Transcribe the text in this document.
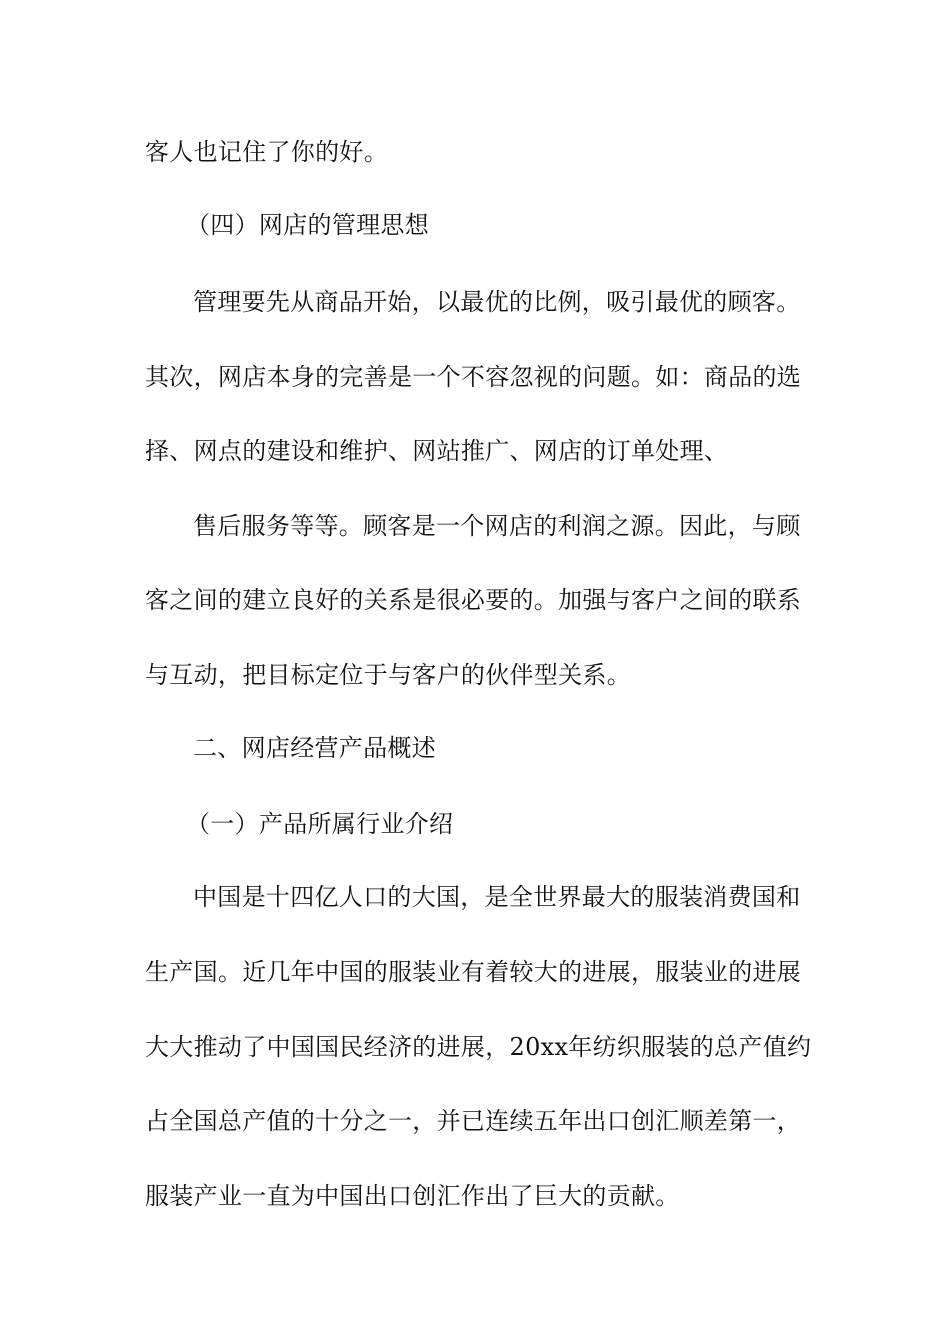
客人也记住了你的好。
（四）网店的管理思想
管理要先从商品开始，以最优的比例，吸引最优的顾客。
其次，网店本身的完善是一个不容忽视的问题。如：商品的选
择、网点的建设和维护、网站推广、网店的订单处理、
售后服务等等。顾客是一个网店的利润之源。因此，与顾
客之间的建立良好的关系是很必要的。加强与客户之间的联系
与互动，把目标定位于与客户的伙伴型关系。
二、网店经营产品概述
（一）产品所属行业介绍
中国是十四亿人口的大国，是全世界最大的服装消费国和
生产国。近几年中国的服装业有着较大的进展，服装业的进展
大大推动了中国国民经济的进展，20xx年纺织服装的总产值约
占全国总产值的十分之一，并已连续五年出口创汇顺差第一，
服装产业一直为中国出口创汇作出了巨大的贡献。
